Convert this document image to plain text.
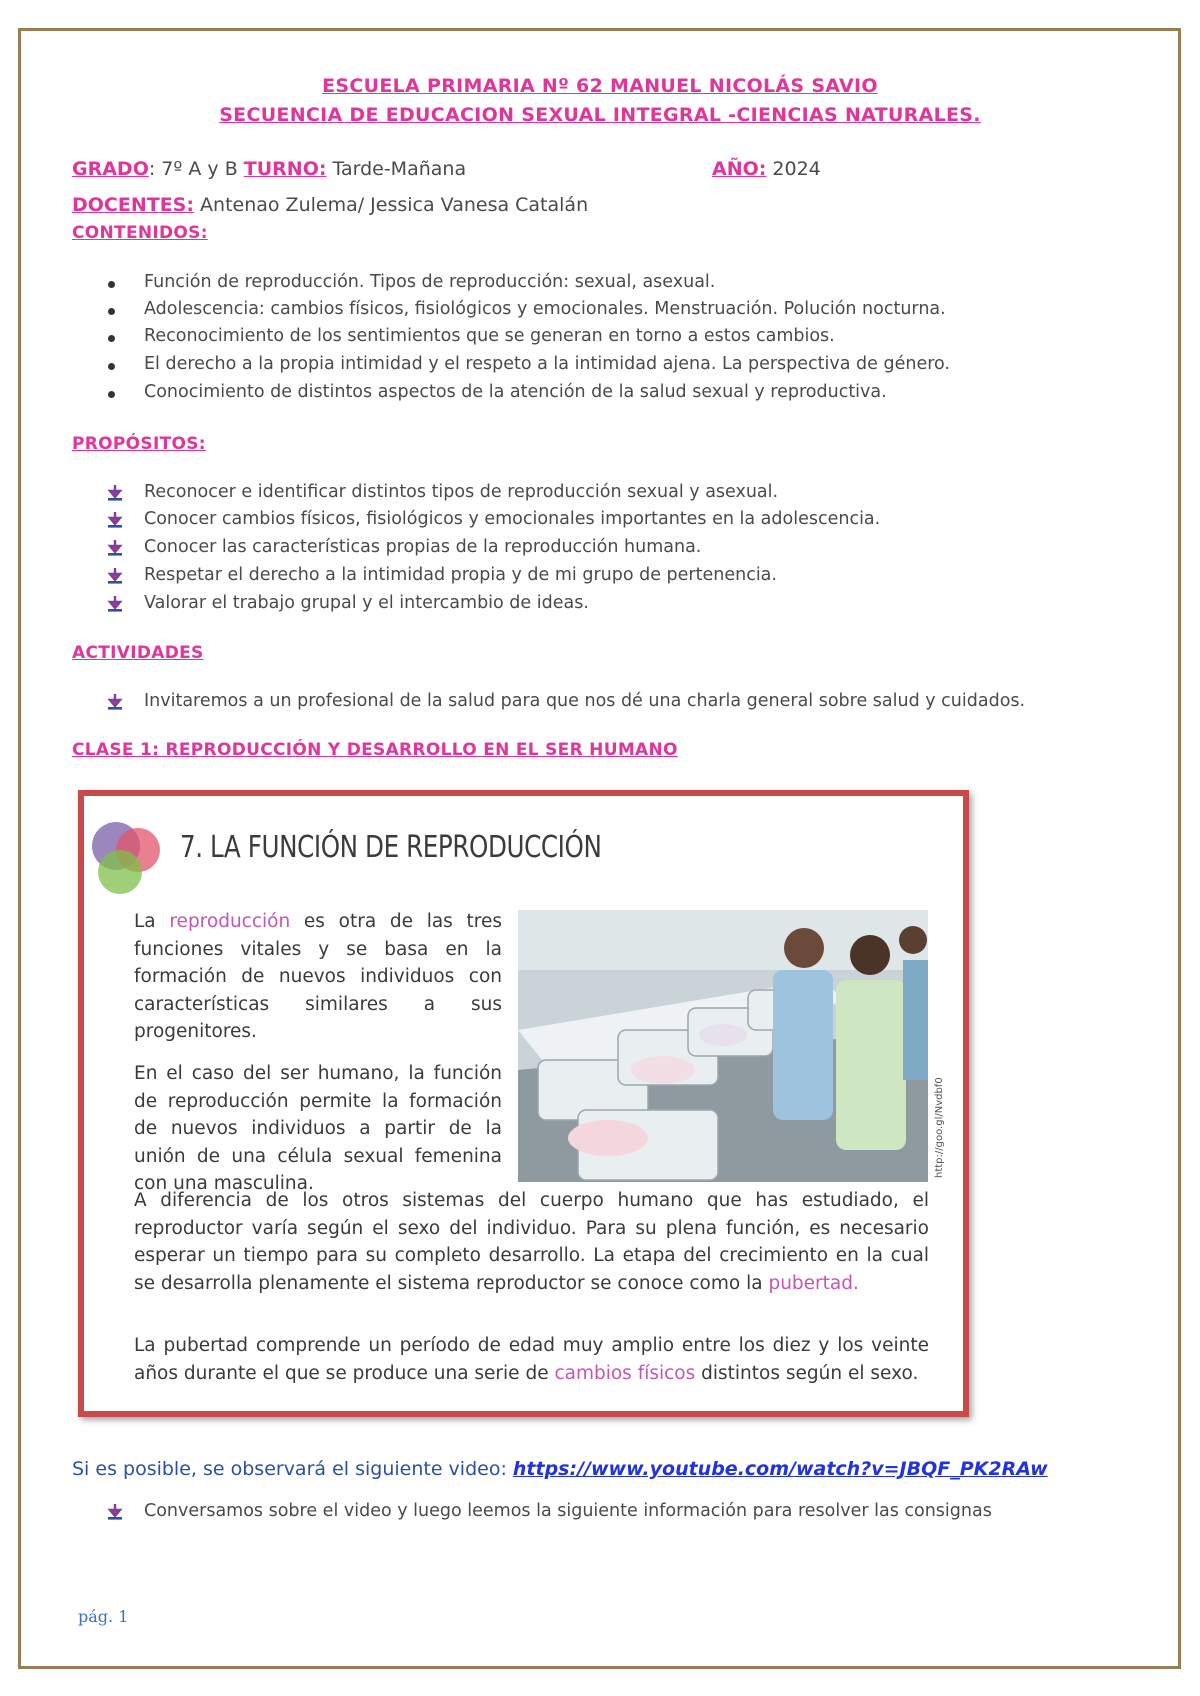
ESCUELA PRIMARIA Nº 62 MANUEL NICOLÁS SAVIO
SECUENCIA DE EDUCACION SEXUAL INTEGRAL -CIENCIAS NATURALES.
GRADO: 7º A y B TURNO: Tarde-Mañana	AÑO: 2024
DOCENTES: Antenao Zulema/ Jessica Vanesa Catalán
CONTENIDOS:
Función de reproducción. Tipos de reproducción: sexual, asexual.
Adolescencia: cambios físicos, fisiológicos y emocionales. Menstruación. Polución nocturna.
Reconocimiento de los sentimientos que se generan en torno a estos cambios.
El derecho a la propia intimidad y el respeto a la intimidad ajena. La perspectiva de género.
Conocimiento de distintos aspectos de la atención de la salud sexual y reproductiva.
PROPÓSITOS:
Reconocer e identificar distintos tipos de reproducción sexual y asexual.
Conocer cambios físicos, fisiológicos y emocionales importantes en la adolescencia.
Conocer las características propias de la reproducción humana.
Respetar el derecho a la intimidad propia y de mi grupo de pertenencia.
Valorar el trabajo grupal y el intercambio de ideas.
ACTIVIDADES
Invitaremos a un profesional de la salud para que nos dé una charla general sobre salud y cuidados.
CLASE 1: REPRODUCCIÓN Y DESARROLLO EN EL SER HUMANO
7. LA FUNCIÓN DE REPRODUCCIÓN
La reproducción es otra de las tres funciones vitales y se basa en la formación de nuevos individuos con características similares a sus progenitores.
En el caso del ser humano, la función de reproducción permite la formación de nuevos individuos a partir de la unión de una célula sexual femenina con una masculina.
http://goo.gl/Nvdbf0
A diferencia de los otros sistemas del cuerpo humano que has estudiado, el reproductor varía según el sexo del individuo. Para su plena función, es necesario esperar un tiempo para su completo desarrollo. La etapa del crecimiento en la cual se desarrolla plenamente el sistema reproductor se conoce como la pubertad.
La pubertad comprende un período de edad muy amplio entre los diez y los veinte años durante el que se produce una serie de cambios físicos distintos según el sexo.
Si es posible, se observará el siguiente video: https://www.youtube.com/watch?v=JBQF_PK2RAw
Conversamos sobre el video y luego leemos la siguiente información para resolver las consignas
pág. 1
